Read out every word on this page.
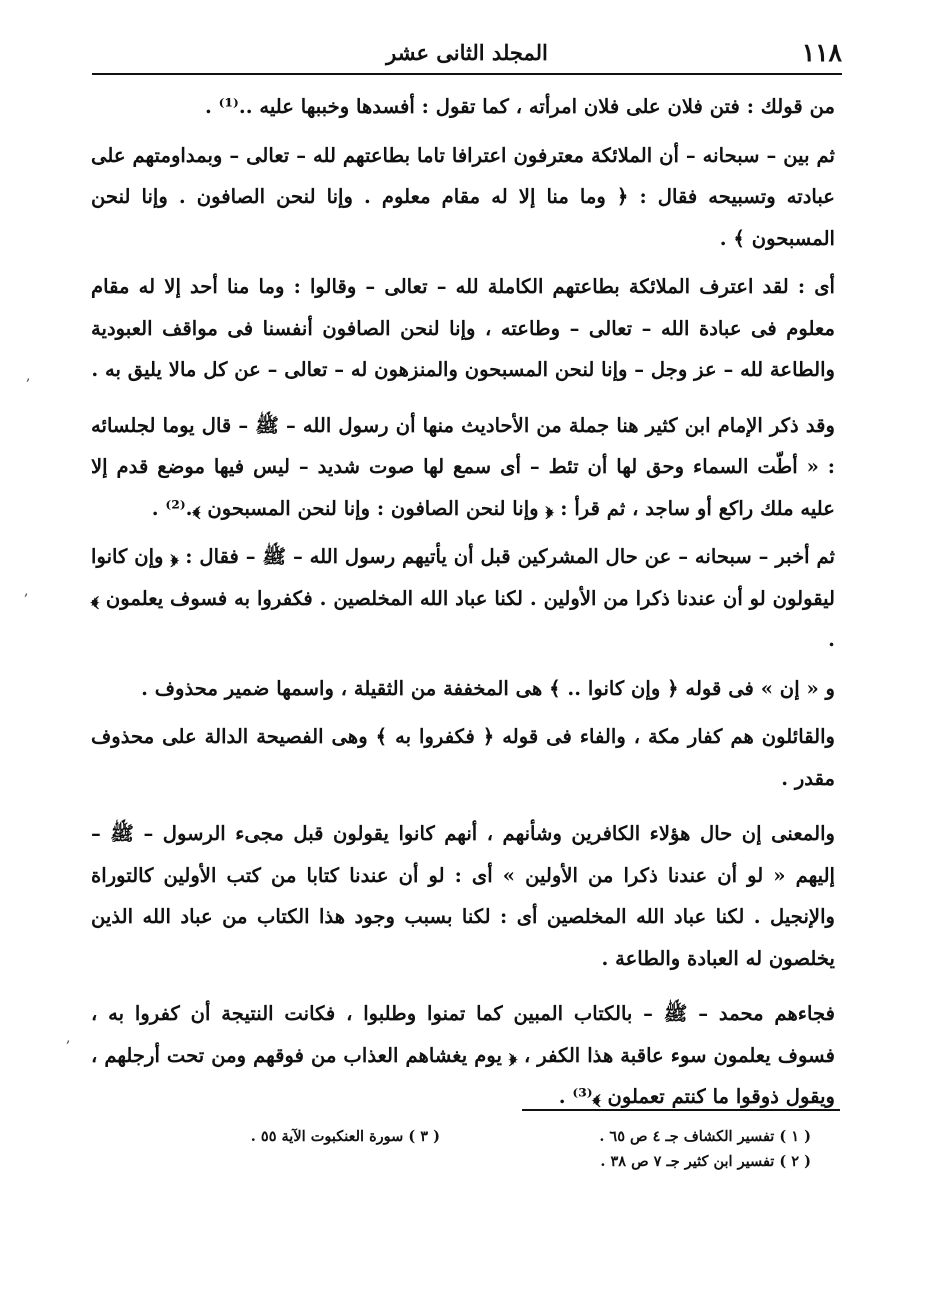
١١٨
المجلد الثانى عشر

من قولك : فتن فلان على فلان امرأته ، كما تقول : أفسدها وخببها عليه ..⁽¹⁾ .

ثم بين – سبحانه – أن الملائكة معترفون اعترافا تاما بطاعتهم لله – تعالى – وبمداومتهم على عبادته وتسبيحه فقال : ﴿ وما منا إلا له مقام معلوم . وإنا لنحن الصافون . وإنا لنحن المسبحون ﴾ .

أى : لقد اعترف الملائكة بطاعتهم الكاملة لله – تعالى – وقالوا : وما منا أحد إلا له مقام معلوم فى عبادة الله – تعالى – وطاعته ، وإنا لنحن الصافون أنفسنا فى مواقف العبودية والطاعة لله – عز وجل – وإنا لنحن المسبحون والمنزهون له – تعالى – عن كل مالا يليق به .

وقد ذكر الإمام ابن كثير هنا جملة من الأحاديث منها أن رسول الله – ﷺ – قال يوما لجلسائه : « أطّت السماء وحق لها أن تئط – أى سمع لها صوت شديد – ليس فيها موضع قدم إلا عليه ملك راكع أو ساجد ، ثم قرأ : ﴿ وإنا لنحن الصافون : وإنا لنحن المسبحون ﴾.⁽²⁾ .

ثم أخبر – سبحانه – عن حال المشركين قبل أن يأتيهم رسول الله – ﷺ – فقال : ﴿ وإن كانوا ليقولون لو أن عندنا ذكرا من الأولين . لكنا عباد الله المخلصين . فكفروا به فسوف يعلمون ﴾ .

و « إن » فى قوله ﴿ وإن كانوا .. ﴾ هى المخففة من الثقيلة ، واسمها ضمير محذوف .

والقائلون هم كفار مكة ، والفاء فى قوله ﴿ فكفروا به ﴾ وهى الفصيحة الدالة على محذوف مقدر .

والمعنى إن حال هؤلاء الكافرين وشأنهم ، أنهم كانوا يقولون قبل مجىء الرسول – ﷺ – إليهم « لو أن عندنا ذكرا من الأولين » أى : لو أن عندنا كتابا من كتب الأولين كالتوراة والإنجيل . لكنا عباد الله المخلصين أى : لكنا بسبب وجود هذا الكتاب من عباد الله الذين يخلصون له العبادة والطاعة .

فجاءهم محمد – ﷺ – بالكتاب المبين كما تمنوا وطلبوا ، فكانت النتيجة أن كفروا به ، فسوف يعلمون سوء عاقبة هذا الكفر ، ﴿ يوم يغشاهم العذاب من فوقهم ومن تحت أرجلهم ، ويقول ذوقوا ما كنتم تعملون ﴾⁽³⁾ .

( ١ ) تفسير الكشاف جـ ٤ ص ٦٥ .

( ٢ ) تفسير ابن كثير جـ ٧ ص ٣٨ .

( ٣ ) سورة العنكبوت الآية ٥٥ .

,
,
,
